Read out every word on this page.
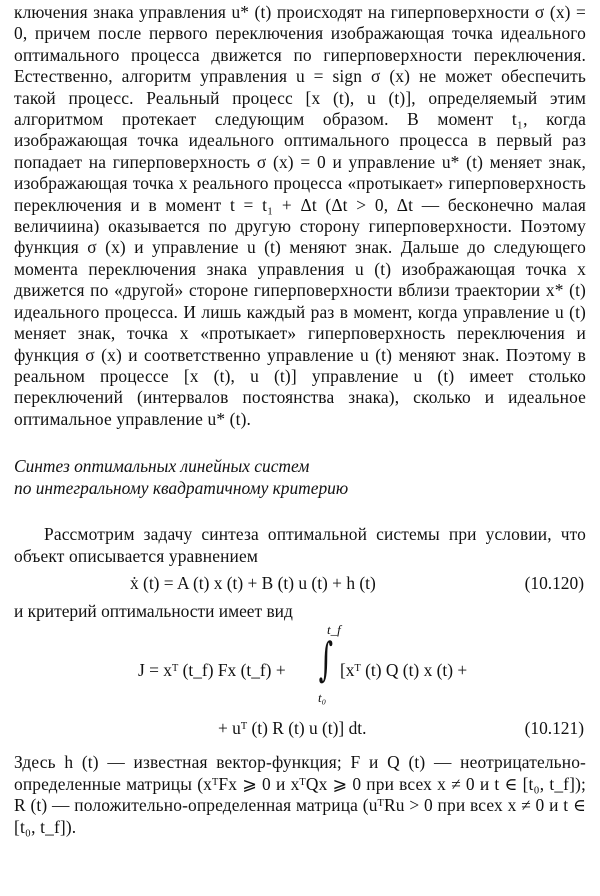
ключения знака управления u* (t) происходят на гиперповерхности σ (x) = 0, причем после первого переключения изображающая точка идеального оптимального процесса движется по гиперповерхности переключения. Естественно, алгоритм управления u = sign σ (x) не может обеспечить такой процесс. Реальный процесс [x (t), u (t)], определяемый этим алгоритмом протекает следующим образом. В момент t₁, когда изображающая точка идеального оптимального процесса в первый раз попадает на гиперповерхность σ (x) = 0 и управление u* (t) меняет знак, изображающая точка x реального процесса «протыкает» гиперповерхность переключения и в момент t = t₁ + Δt (Δt > 0, Δt — бесконечно малая величиина) оказывается по другую сторону гиперповерхности. Поэтому функция σ (x) и управление u (t) меняют знак. Дальше до следующего момента переключения знака управления u (t) изображающая точка x движется по «другой» стороне гиперповерхности вблизи траектории x* (t) идеального процесса. И лишь каждый раз в момент, когда управление u (t) меняет знак, точка x «протыкает» гиперповерхность переключения и функция σ (x) и соответственно управление u (t) меняют знак. Поэтому в реальном процессе [x (t), u (t)] управление u (t) имеет столько переключений (интервалов постоянства знака), сколько и идеальное оптимальное управление u* (t).

Синтез оптимальных линейных систем

по интегральному квадратичному критерию

Рассмотрим задачу синтеза оптимальной системы при условии, что объект описывается уравнением

ẋ (t) = A (t) x (t) + B (t) u (t) + h (t)	(10.120)

и критерий оптимальности имеет вид

J = xᵀ (t_f) Fx (t_f) +
t_f
∫
t₀
[xᵀ (t) Q (t) x (t) +
+ uᵀ (t) R (t) u (t)] dt.	(10.121)

Здесь h (t) — известная вектор-функция; F и Q (t) — неотрицательно-определенные матрицы (xᵀFx ⩾ 0 и xᵀQx ⩾ 0 при всех x ≠ 0 и t ∈ [t₀, t_f]); R (t) — положительно-определенная матрица (uᵀRu > 0 при всех x ≠ 0 и t ∈ [t₀, t_f]).
